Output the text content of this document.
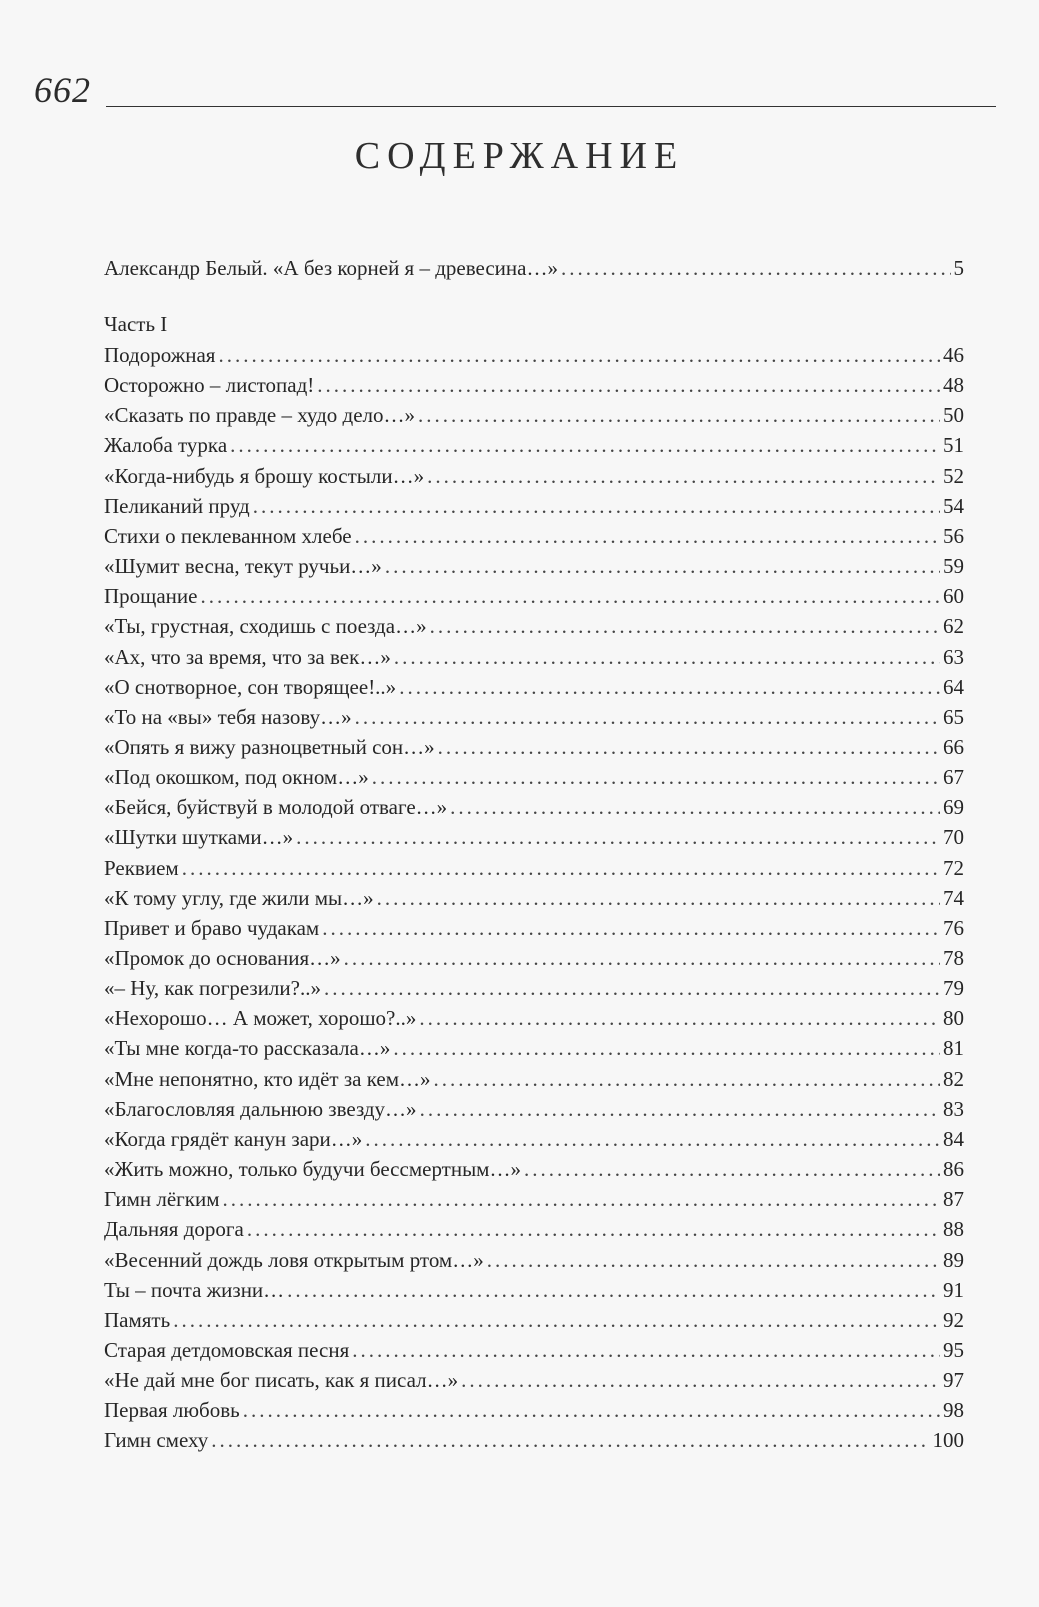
662
СОДЕРЖАНИЕ
Александр Белый. «А без корней я – древесина…» .....	5
Часть I
Подорожная .....	46
Осторожно – листопад! .....	48
«Сказать по правде – худо дело…» .....	50
Жалоба турка .....	51
«Когда-нибудь я брошу костыли…» .....	52
Пеликаний пруд .....	54
Стихи о пеклеванном хлебе .....	56
«Шумит весна, текут ручьи…» .....	59
Прощание .....	60
«Ты, грустная, сходишь с поезда…» .....	62
«Ах, что за время, что за век…» .....	63
«О снотворное, сон творящее!..» .....	64
«То на «вы» тебя назову…» .....	65
«Опять я вижу разноцветный сон…» .....	66
«Под окошком, под окном…» .....	67
«Бейся, буйствуй в молодой отваге…» .....	69
«Шутки шутками…» .....	70
Реквием .....	72
«К тому углу, где жили мы…» .....	74
Привет и браво чудакам .....	76
«Промок до основания…» .....	78
«– Ну, как погрезили?..» .....	79
«Нехорошо… А может, хорошо?..» .....	80
«Ты мне когда-то рассказала…» .....	81
«Мне непонятно, кто идёт за кем…» .....	82
«Благословляя дальнюю звезду…» .....	83
«Когда грядёт канун зари…» .....	84
«Жить можно, только будучи бессмертным…» .....	86
Гимн лёгким .....	87
Дальняя дорога .....	88
«Весенний дождь ловя открытым ртом…» .....	89
Ты – почта жизни… .....	91
Память .....	92
Старая детдомовская песня .....	95
«Не дай мне бог писать, как я писал…» .....	97
Первая любовь .....	98
Гимн смеху .....	100
